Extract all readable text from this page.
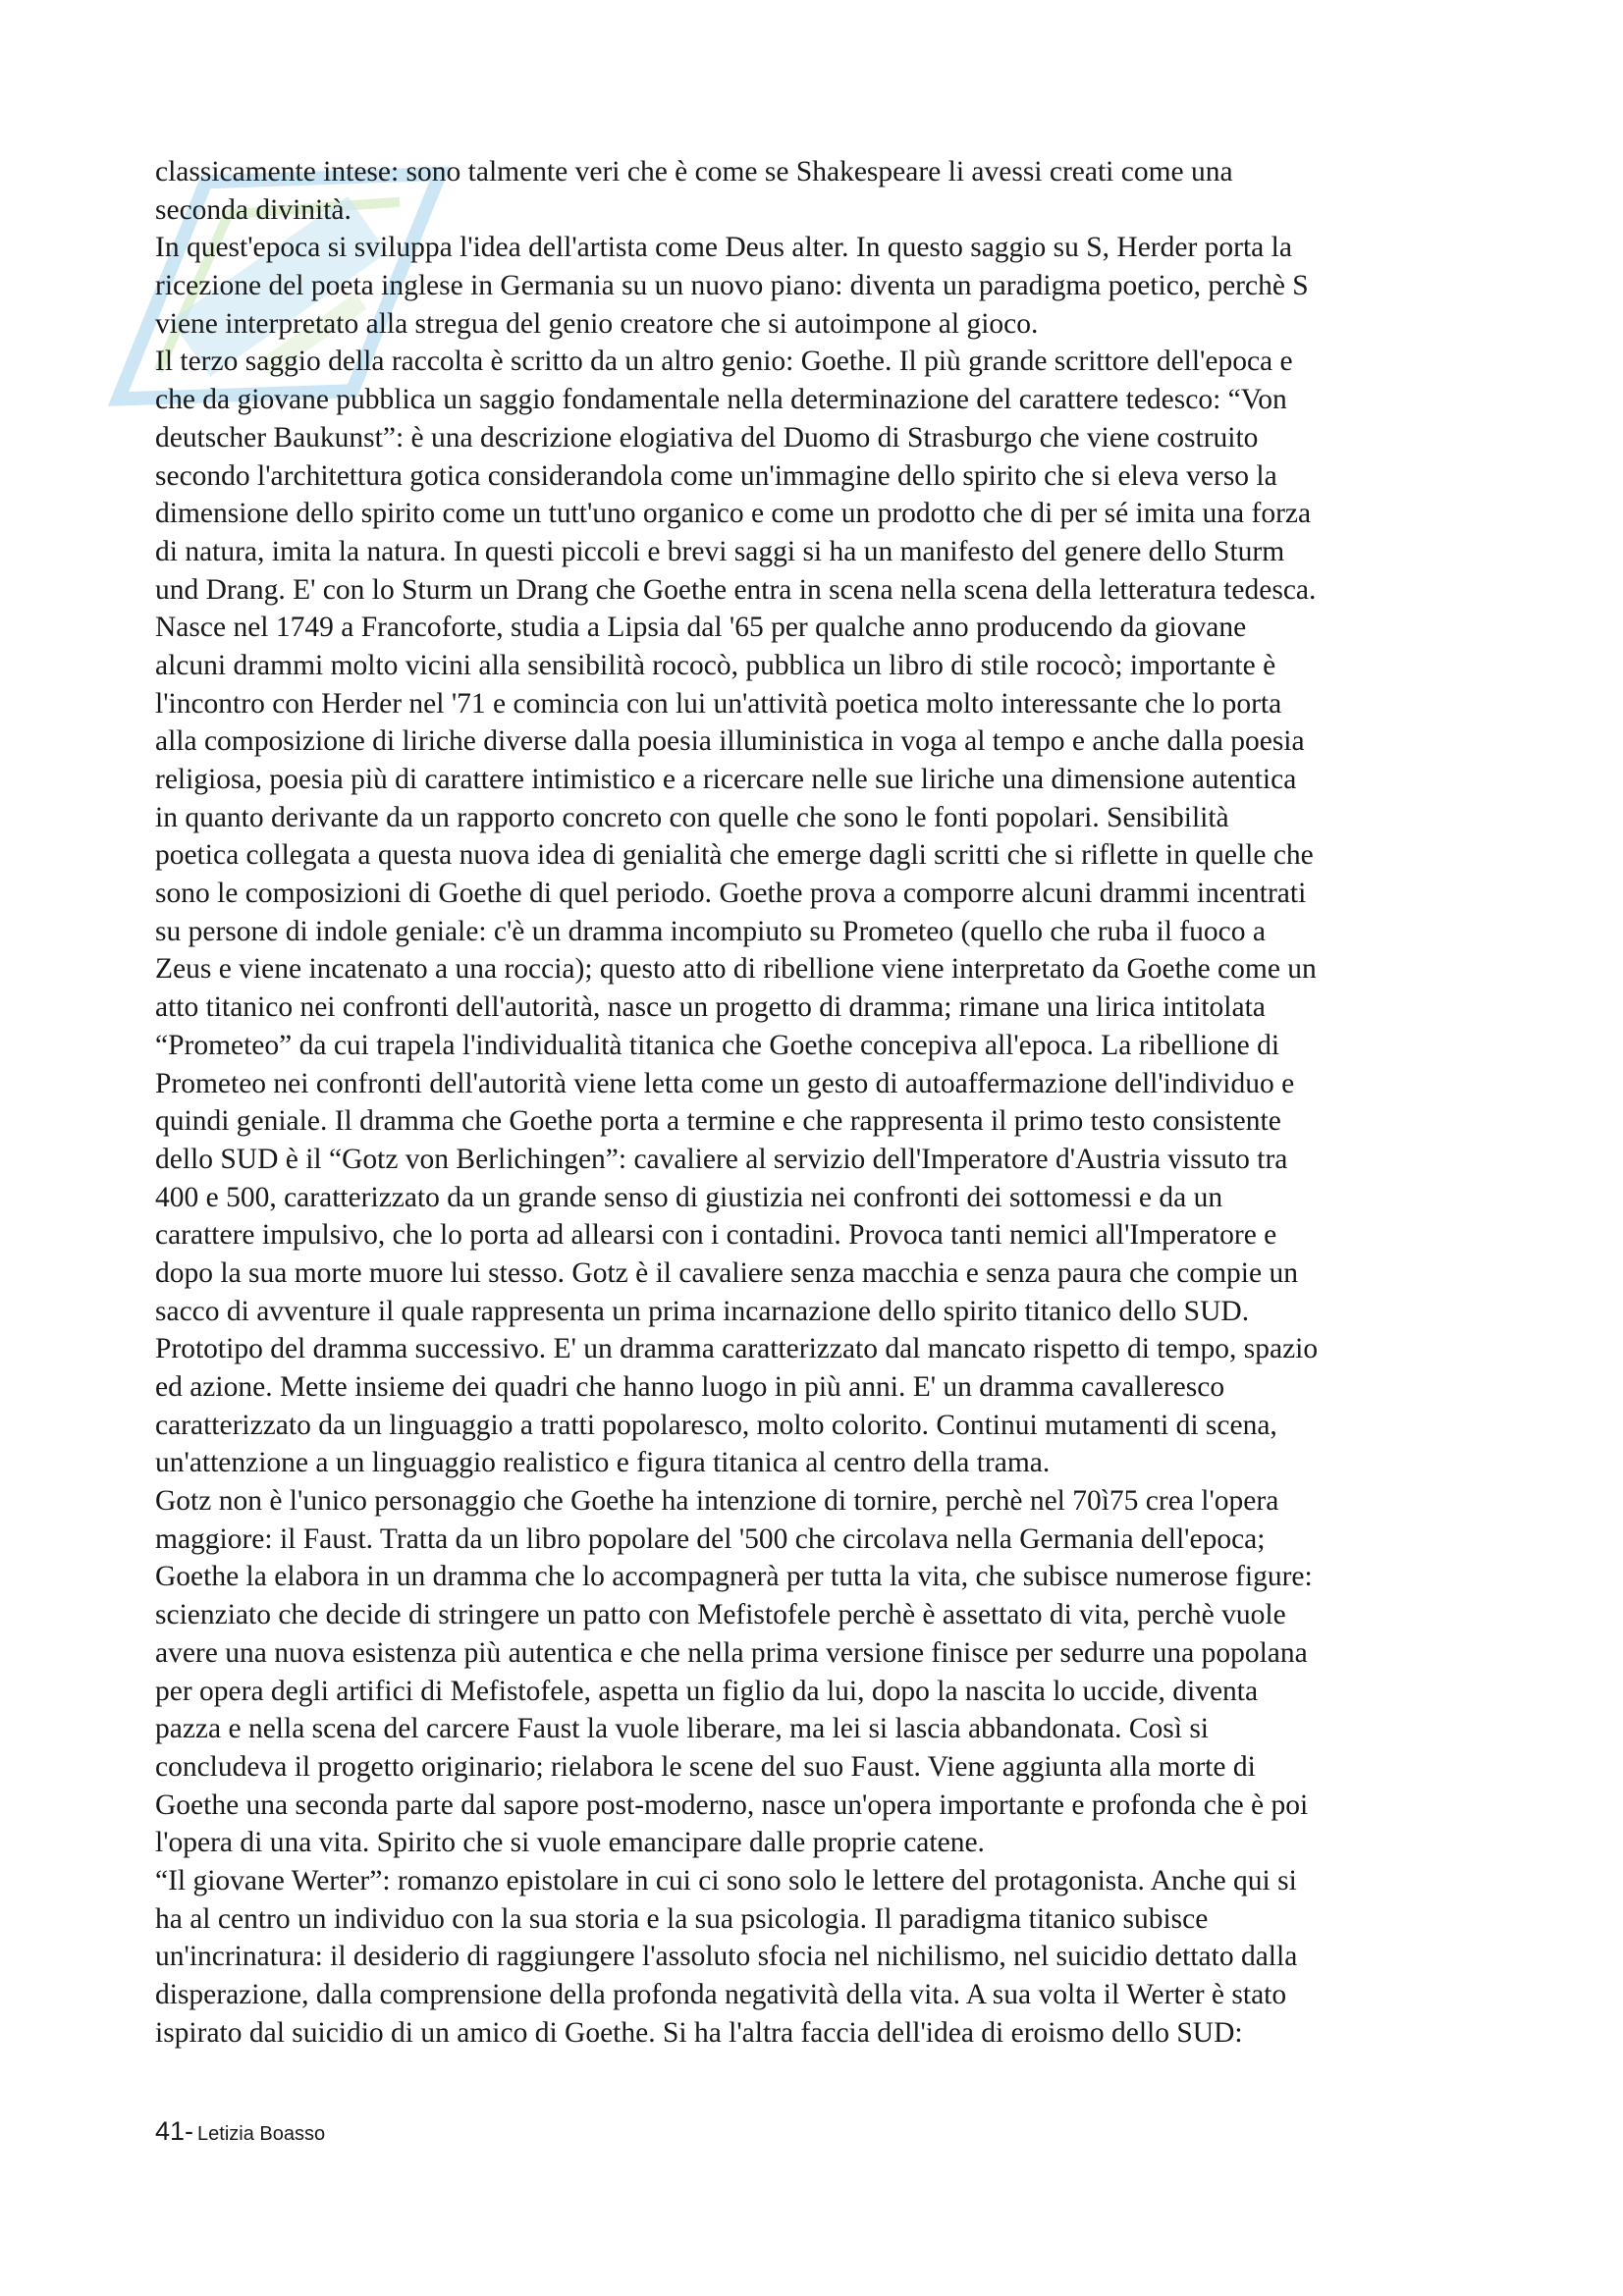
classicamente intese: sono talmente veri che è come se Shakespeare li avessi creati come una
seconda divinità.
In quest'epoca si sviluppa l'idea dell'artista come Deus alter. In questo saggio su S, Herder porta la
ricezione del poeta inglese in Germania su un nuovo piano: diventa un paradigma poetico, perchè S
viene interpretato alla stregua del genio creatore che si autoimpone al gioco.
Il terzo saggio della raccolta è scritto da un altro genio: Goethe. Il più grande scrittore dell'epoca e
che da giovane pubblica un saggio fondamentale nella determinazione del carattere tedesco: “Von
deutscher Baukunst”: è una descrizione elogiativa del Duomo di Strasburgo che viene costruito
secondo l'architettura gotica considerandola come un'immagine dello spirito che si eleva verso la
dimensione dello spirito come un tutt'uno organico e come un prodotto che di per sé imita una forza
di natura, imita la natura. In questi piccoli e brevi saggi si ha un manifesto del genere dello Sturm
und Drang. E' con lo Sturm un Drang che Goethe entra in scena nella scena della letteratura tedesca.
Nasce nel 1749 a Francoforte, studia a Lipsia dal '65 per qualche anno producendo da giovane
alcuni drammi molto vicini alla sensibilità rococò, pubblica un libro di stile rococò; importante è
l'incontro con Herder nel '71 e comincia con lui un'attività poetica molto interessante che lo porta
alla composizione di liriche diverse dalla poesia illuministica in voga al tempo e anche dalla poesia
religiosa, poesia più di carattere intimistico e a ricercare nelle sue liriche una dimensione autentica
in quanto derivante da un rapporto concreto con quelle che sono le fonti popolari. Sensibilità
poetica collegata a questa nuova idea di genialità che emerge dagli scritti che si riflette in quelle che
sono le composizioni di Goethe di quel periodo. Goethe prova a comporre alcuni drammi incentrati
su persone di indole geniale: c'è un dramma incompiuto su Prometeo (quello che ruba il fuoco a
Zeus e viene incatenato a una roccia); questo atto di ribellione viene interpretato da Goethe come un
atto titanico nei confronti dell'autorità, nasce un progetto di dramma; rimane una lirica intitolata
“Prometeo” da cui trapela l'individualità titanica che Goethe concepiva all'epoca. La ribellione di
Prometeo nei confronti dell'autorità viene letta come un gesto di autoaffermazione dell'individuo e
quindi geniale. Il dramma che Goethe porta a termine e che rappresenta il primo testo consistente
dello SUD è il “Gotz von Berlichingen”: cavaliere al servizio dell'Imperatore d'Austria vissuto tra
400 e 500, caratterizzato da un grande senso di giustizia nei confronti dei sottomessi e da un
carattere impulsivo, che lo porta ad allearsi con i contadini. Provoca tanti nemici all'Imperatore e
dopo la sua morte muore lui stesso. Gotz è il cavaliere senza macchia e senza paura che compie un
sacco di avventure il quale rappresenta un prima incarnazione dello spirito titanico dello SUD.
Prototipo del dramma successivo. E' un dramma caratterizzato dal mancato rispetto di tempo, spazio
ed azione. Mette insieme dei quadri che hanno luogo in più anni. E' un dramma cavalleresco
caratterizzato da un linguaggio a tratti popolaresco, molto colorito. Continui mutamenti di scena,
un'attenzione a un linguaggio realistico e figura titanica al centro della trama.
Gotz non è l'unico personaggio che Goethe ha intenzione di tornire, perchè nel 70ì75 crea l'opera
maggiore: il Faust. Tratta da un libro popolare del '500 che circolava nella Germania dell'epoca;
Goethe la elabora in un dramma che lo accompagnerà per tutta la vita, che subisce numerose figure:
scienziato che decide di stringere un patto con Mefistofele perchè è assettato di vita, perchè vuole
avere una nuova esistenza più autentica e che nella prima versione finisce per sedurre una popolana
per opera degli artifici di Mefistofele, aspetta un figlio da lui, dopo la nascita lo uccide, diventa
pazza e nella scena del carcere Faust la vuole liberare, ma lei si lascia abbandonata. Così si
concludeva il progetto originario; rielabora le scene del suo Faust. Viene aggiunta alla morte di
Goethe una seconda parte dal sapore post-moderno, nasce un'opera importante e profonda che è poi
l'opera di una vita. Spirito che si vuole emancipare dalle proprie catene.
“Il giovane Werter”: romanzo epistolare in cui ci sono solo le lettere del protagonista. Anche qui si
ha al centro un individuo con la sua storia e la sua psicologia. Il paradigma titanico subisce
un'incrinatura: il desiderio di raggiungere l'assoluto sfocia nel nichilismo, nel suicidio dettato dalla
disperazione, dalla comprensione della profonda negatività della vita. A sua volta il Werter è stato
ispirato dal suicidio di un amico di Goethe. Si ha l'altra faccia dell'idea di eroismo dello SUD:
41- Letizia Boasso
